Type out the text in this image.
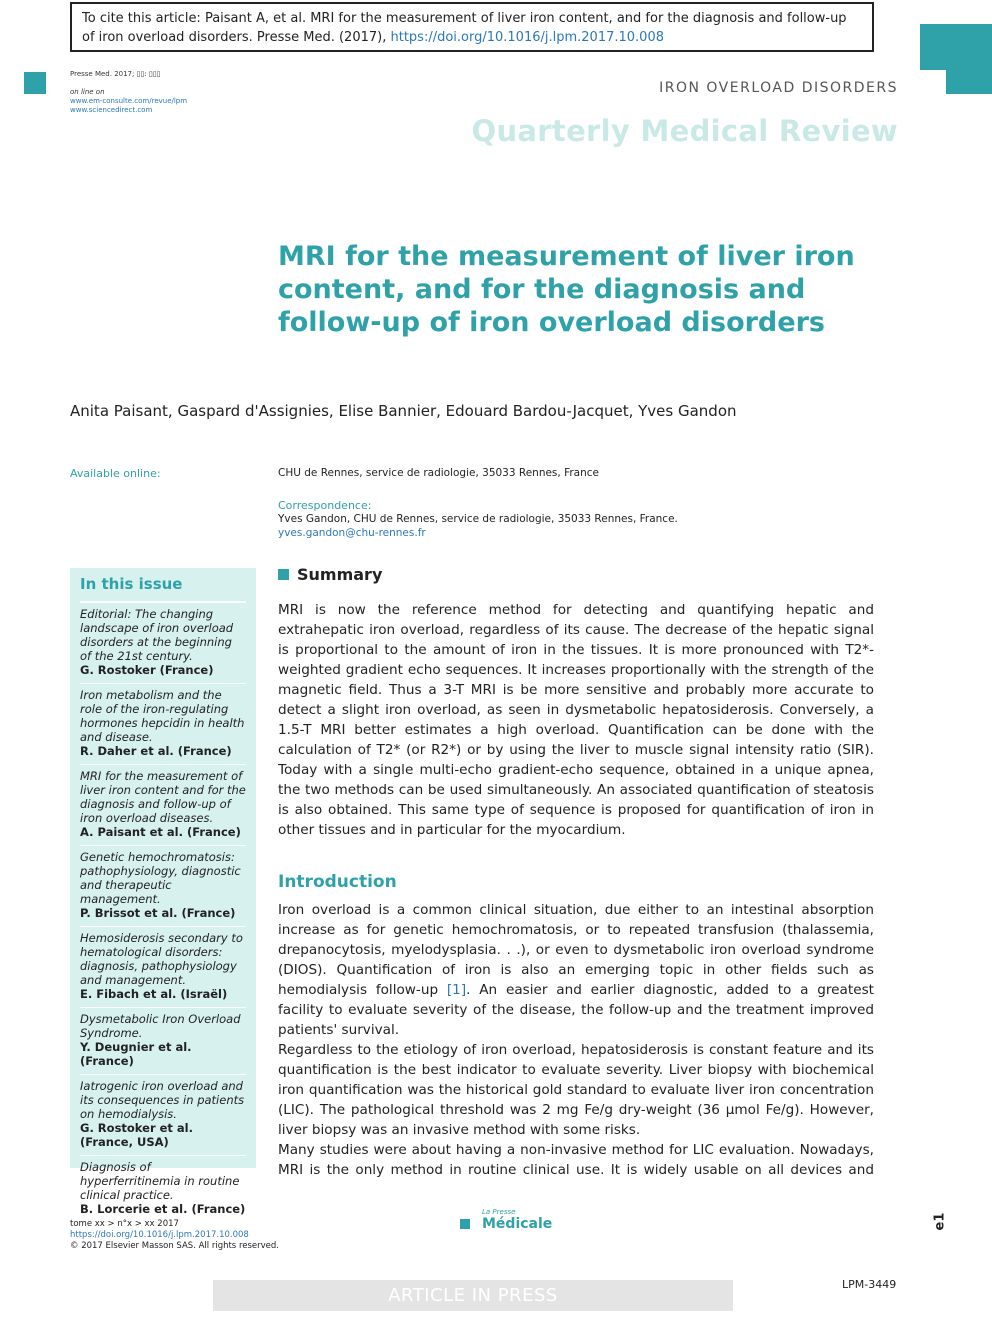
To cite this article: Paisant A, et al. MRI for the measurement of liver iron content, and for the diagnosis and follow-up of iron overload disorders. Presse Med. (2017), https://doi.org/10.1016/j.lpm.2017.10.008
Presse Med. 2017; ▯▯: ▯▯▯
on line on
www.em-consulte.com/revue/lpm
www.sciencedirect.com
IRON OVERLOAD DISORDERS
Quarterly Medical Review
MRI for the measurement of liver iron content, and for the diagnosis and follow-up of iron overload disorders
Anita Paisant, Gaspard d'Assignies, Elise Bannier, Edouard Bardou-Jacquet, Yves Gandon
Available online:	CHU de Rennes, service de radiologie, 35033 Rennes, France
Correspondence:
Yves Gandon, CHU de Rennes, service de radiologie, 35033 Rennes, France.
yves.gandon@chu-rennes.fr
In this issue
Editorial: The changing landscape of iron overload disorders at the beginning of the 21st century.
G. Rostoker (France)
Iron metabolism and the role of the iron-regulating hormones hepcidin in health and disease.
R. Daher et al. (France)
MRI for the measurement of liver iron content and for the diagnosis and follow-up of iron overload diseases.
A. Paisant et al. (France)
Genetic hemochromatosis: pathophysiology, diagnostic and therapeutic management.
P. Brissot et al. (France)
Hemosiderosis secondary to hematological disorders: diagnosis, pathophysiology and management.
E. Fibach et al. (Israël)
Dysmetabolic Iron Overload Syndrome.
Y. Deugnier et al. (France)
Iatrogenic iron overload and its consequences in patients on hemodialysis.
G. Rostoker et al. (France, USA)
Diagnosis of hyperferritinemia in routine clinical practice.
B. Lorcerie et al. (France)
Summary

MRI is now the reference method for detecting and quantifying hepatic and extrahepatic iron overload, regardless of its cause. The decrease of the hepatic signal is proportional to the amount of iron in the tissues. It is more pronounced with T2*-weighted gradient echo sequences. It increases proportionally with the strength of the magnetic field. Thus a 3-T MRI is be more sensitive and probably more accurate to detect a slight iron overload, as seen in dysmetabolic hepatosiderosis. Conversely, a 1.5-T MRI better estimates a high overload. Quantification can be done with the calculation of T2* (or R2*) or by using the liver to muscle signal intensity ratio (SIR). Today with a single multi-echo gradient-echo sequence, obtained in a unique apnea, the two methods can be used simultaneously. An associated quantification of steatosis is also obtained. This same type of sequence is proposed for quantification of iron in other tissues and in particular for the myocardium.

Introduction

Iron overload is a common clinical situation, due either to an intestinal absorption increase as for genetic hemochromatosis, or to repeated transfusion (thalassemia, drepanocytosis, myelodysplasia. . .), or even to dysmetabolic iron overload syndrome (DIOS). Quantification of iron is also an emerging topic in other fields such as hemodialysis follow-up [1]. An easier and earlier diagnostic, added to a greatest facility to evaluate severity of the disease, the follow-up and the treatment improved patients' survival.

Regardless to the etiology of iron overload, hepatosiderosis is constant feature and its quantification is the best indicator to evaluate severity. Liver biopsy with biochemical iron quantification was the historical gold standard to evaluate liver iron concentration (LIC). The pathological threshold was 2 mg Fe/g dry-weight (36 μmol Fe/g). However, liver biopsy was an invasive method with some risks.

Many studies were about having a non-invasive method for LIC evaluation. Nowadays, MRI is the only method in routine clinical use. It is widely usable on all devices and

tome xx > n°x > xx 2017
https://doi.org/10.1016/j.lpm.2017.10.008
© 2017 Elsevier Masson SAS. All rights reserved.
La Presse
Médicale	e1
LPM-3449
ARTICLE IN PRESS
